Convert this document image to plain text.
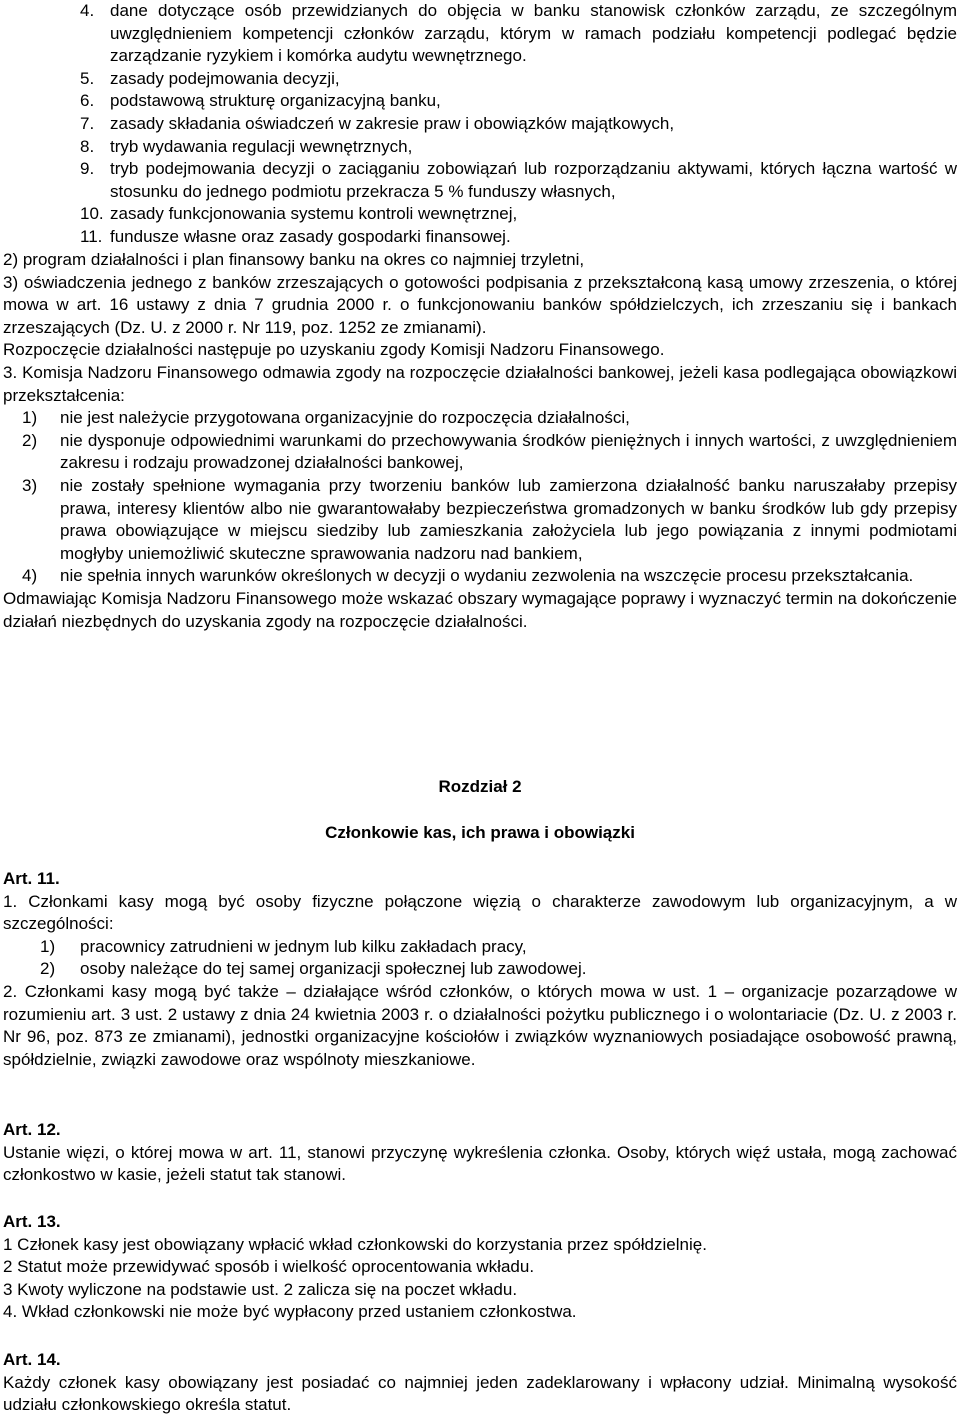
4. dane dotyczące osób przewidzianych do objęcia w banku stanowisk członków zarządu, ze szczególnym uwzględnieniem kompetencji członków zarządu, którym w ramach podziału kompetencji podlegać będzie zarządzanie ryzykiem i komórka audytu wewnętrznego.

5. zasady podejmowania decyzji,

6. podstawową strukturę organizacyjną banku,

7. zasady składania oświadczeń w zakresie praw i obowiązków majątkowych,

8. tryb wydawania regulacji wewnętrznych,

9. tryb podejmowania decyzji o zaciąganiu zobowiązań lub rozporządzaniu aktywami, których łączna wartość w stosunku do jednego podmiotu przekracza 5 % funduszy własnych,

10. zasady funkcjonowania systemu kontroli wewnętrznej,

11. fundusze własne oraz zasady gospodarki finansowej.

2) program działalności i plan finansowy banku na okres co najmniej trzyletni,

3) oświadczenia jednego z banków zrzeszających o gotowości podpisania z przekształconą kasą umowy zrzeszenia, o której mowa w art. 16 ustawy z dnia 7 grudnia 2000 r. o funkcjonowaniu banków spółdzielczych, ich zrzeszaniu się i bankach zrzeszających (Dz. U. z 2000 r. Nr 119, poz. 1252 ze zmianami).

Rozpoczęcie działalności następuje po uzyskaniu zgody Komisji Nadzoru Finansowego.

3. Komisja Nadzoru Finansowego odmawia zgody na rozpoczęcie działalności bankowej, jeżeli kasa podlegająca obowiązkowi przekształcenia:

1) nie jest należycie przygotowana organizacyjnie do rozpoczęcia działalności,

2) nie dysponuje odpowiednimi warunkami do przechowywania środków pieniężnych i innych wartości, z uwzględnieniem zakresu i rodzaju prowadzonej działalności bankowej,

3) nie zostały spełnione wymagania przy tworzeniu banków lub zamierzona działalność banku naruszałaby przepisy prawa, interesy klientów albo nie gwarantowałaby bezpieczeństwa gromadzonych w banku środków lub gdy przepisy prawa obowiązujące w miejscu siedziby lub zamieszkania założyciela lub jego powiązania z innymi podmiotami mogłyby uniemożliwić skuteczne sprawowania nadzoru nad bankiem,

4) nie spełnia innych warunków określonych w decyzji o wydaniu zezwolenia na wszczęcie procesu przekształcania.

Odmawiając Komisja Nadzoru Finansowego może wskazać obszary wymagające poprawy i wyznaczyć termin na dokończenie działań niezbędnych do uzyskania zgody na rozpoczęcie działalności.

Rozdział 2
Członkowie kas, ich prawa i obowiązki

Art. 11.

1. Członkami kasy mogą być osoby fizyczne połączone więzią o charakterze zawodowym lub organizacyjnym, a w szczególności:

1)	pracownicy zatrudnieni w jednym lub kilku zakładach pracy,

2)	osoby należące do tej samej organizacji społecznej lub zawodowej.

2. Członkami kasy mogą być także – działające wśród członków, o których mowa w ust. 1 – organizacje pozarządowe w rozumieniu art. 3 ust. 2 ustawy z dnia 24 kwietnia 2003 r. o działalności pożytku publicznego i o wolontariacie (Dz. U. z 2003 r. Nr 96, poz. 873 ze zmianami), jednostki organizacyjne kościołów i związków wyznaniowych posiadające osobowość prawną, spółdzielnie, związki zawodowe oraz wspólnoty mieszkaniowe.

Art. 12.

Ustanie więzi, o której mowa w art. 11, stanowi przyczynę wykreślenia członka. Osoby, których więź ustała, mogą zachować członkostwo w kasie, jeżeli statut tak stanowi.

Art. 13.

1 Członek kasy jest obowiązany wpłacić wkład członkowski do korzystania przez spółdzielnię.

2 Statut może przewidywać sposób i wielkość oprocentowania wkładu.

3 Kwoty wyliczone na podstawie ust. 2 zalicza się na poczet wkładu.

4. Wkład członkowski nie może być wypłacony przed ustaniem członkostwa.

Art. 14.

Każdy członek kasy obowiązany jest posiadać co najmniej jeden zadeklarowany i wpłacony udział. Minimalną wysokość udziału członkowskiego określa statut.
